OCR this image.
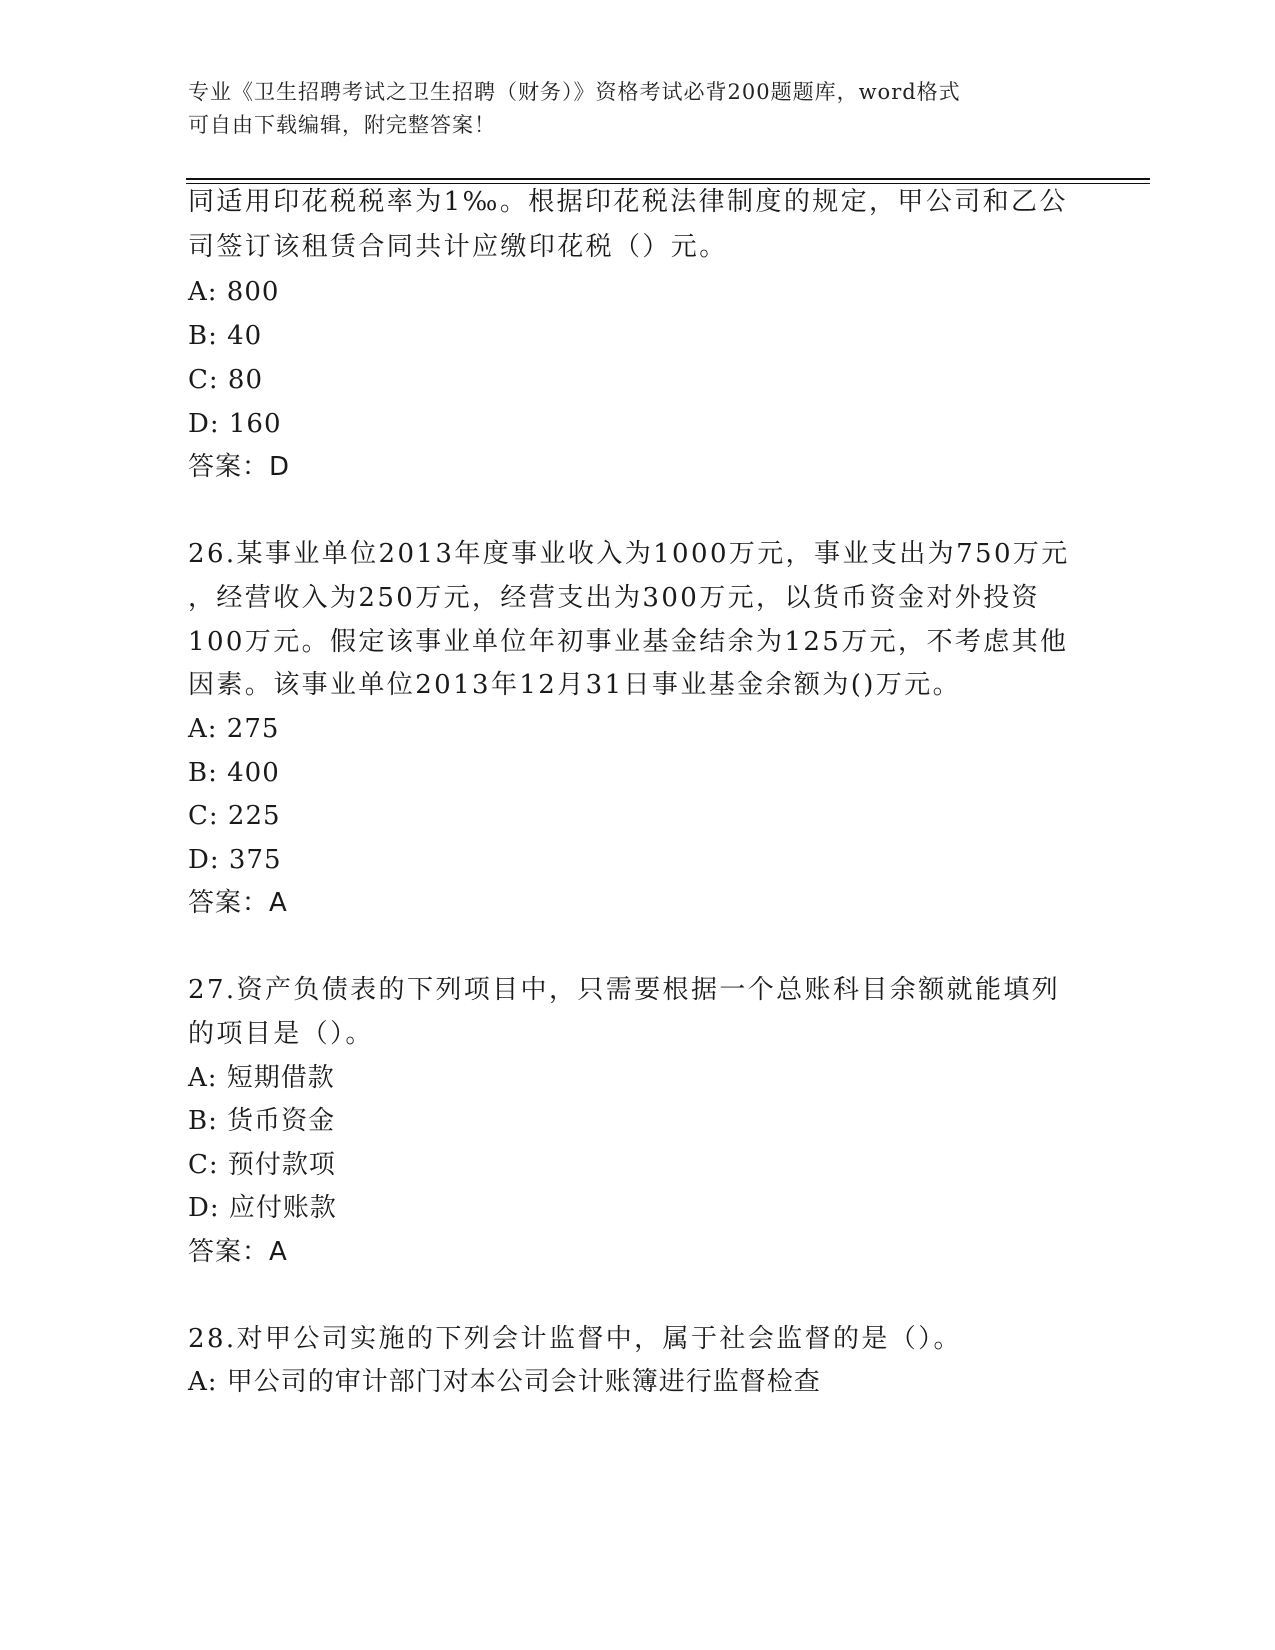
专业《卫生招聘考试之卫生招聘（财务）》资格考试必背200题题库，word格式
可自由下载编辑，附完整答案！
同适用印花税税率为1‰。根据印花税法律制度的规定，甲公司和乙公
司签订该租赁合同共计应缴印花税（）元。
A: 800
B: 40
C: 80
D: 160
答案：D
26.某事业单位2013年度事业收入为1000万元，事业支出为750万元
，经营收入为250万元，经营支出为300万元，以货币资金对外投资
100万元。假定该事业单位年初事业基金结余为125万元，不考虑其他
因素。该事业单位2013年12月31日事业基金余额为()万元。
A: 275
B: 400
C: 225
D: 375
答案：A
27.资产负债表的下列项目中，只需要根据一个总账科目余额就能填列
的项目是（）。
A: 短期借款
B: 货币资金
C: 预付款项
D: 应付账款
答案：A
28.对甲公司实施的下列会计监督中，属于社会监督的是（）。
A: 甲公司的审计部门对本公司会计账簿进行监督检查
